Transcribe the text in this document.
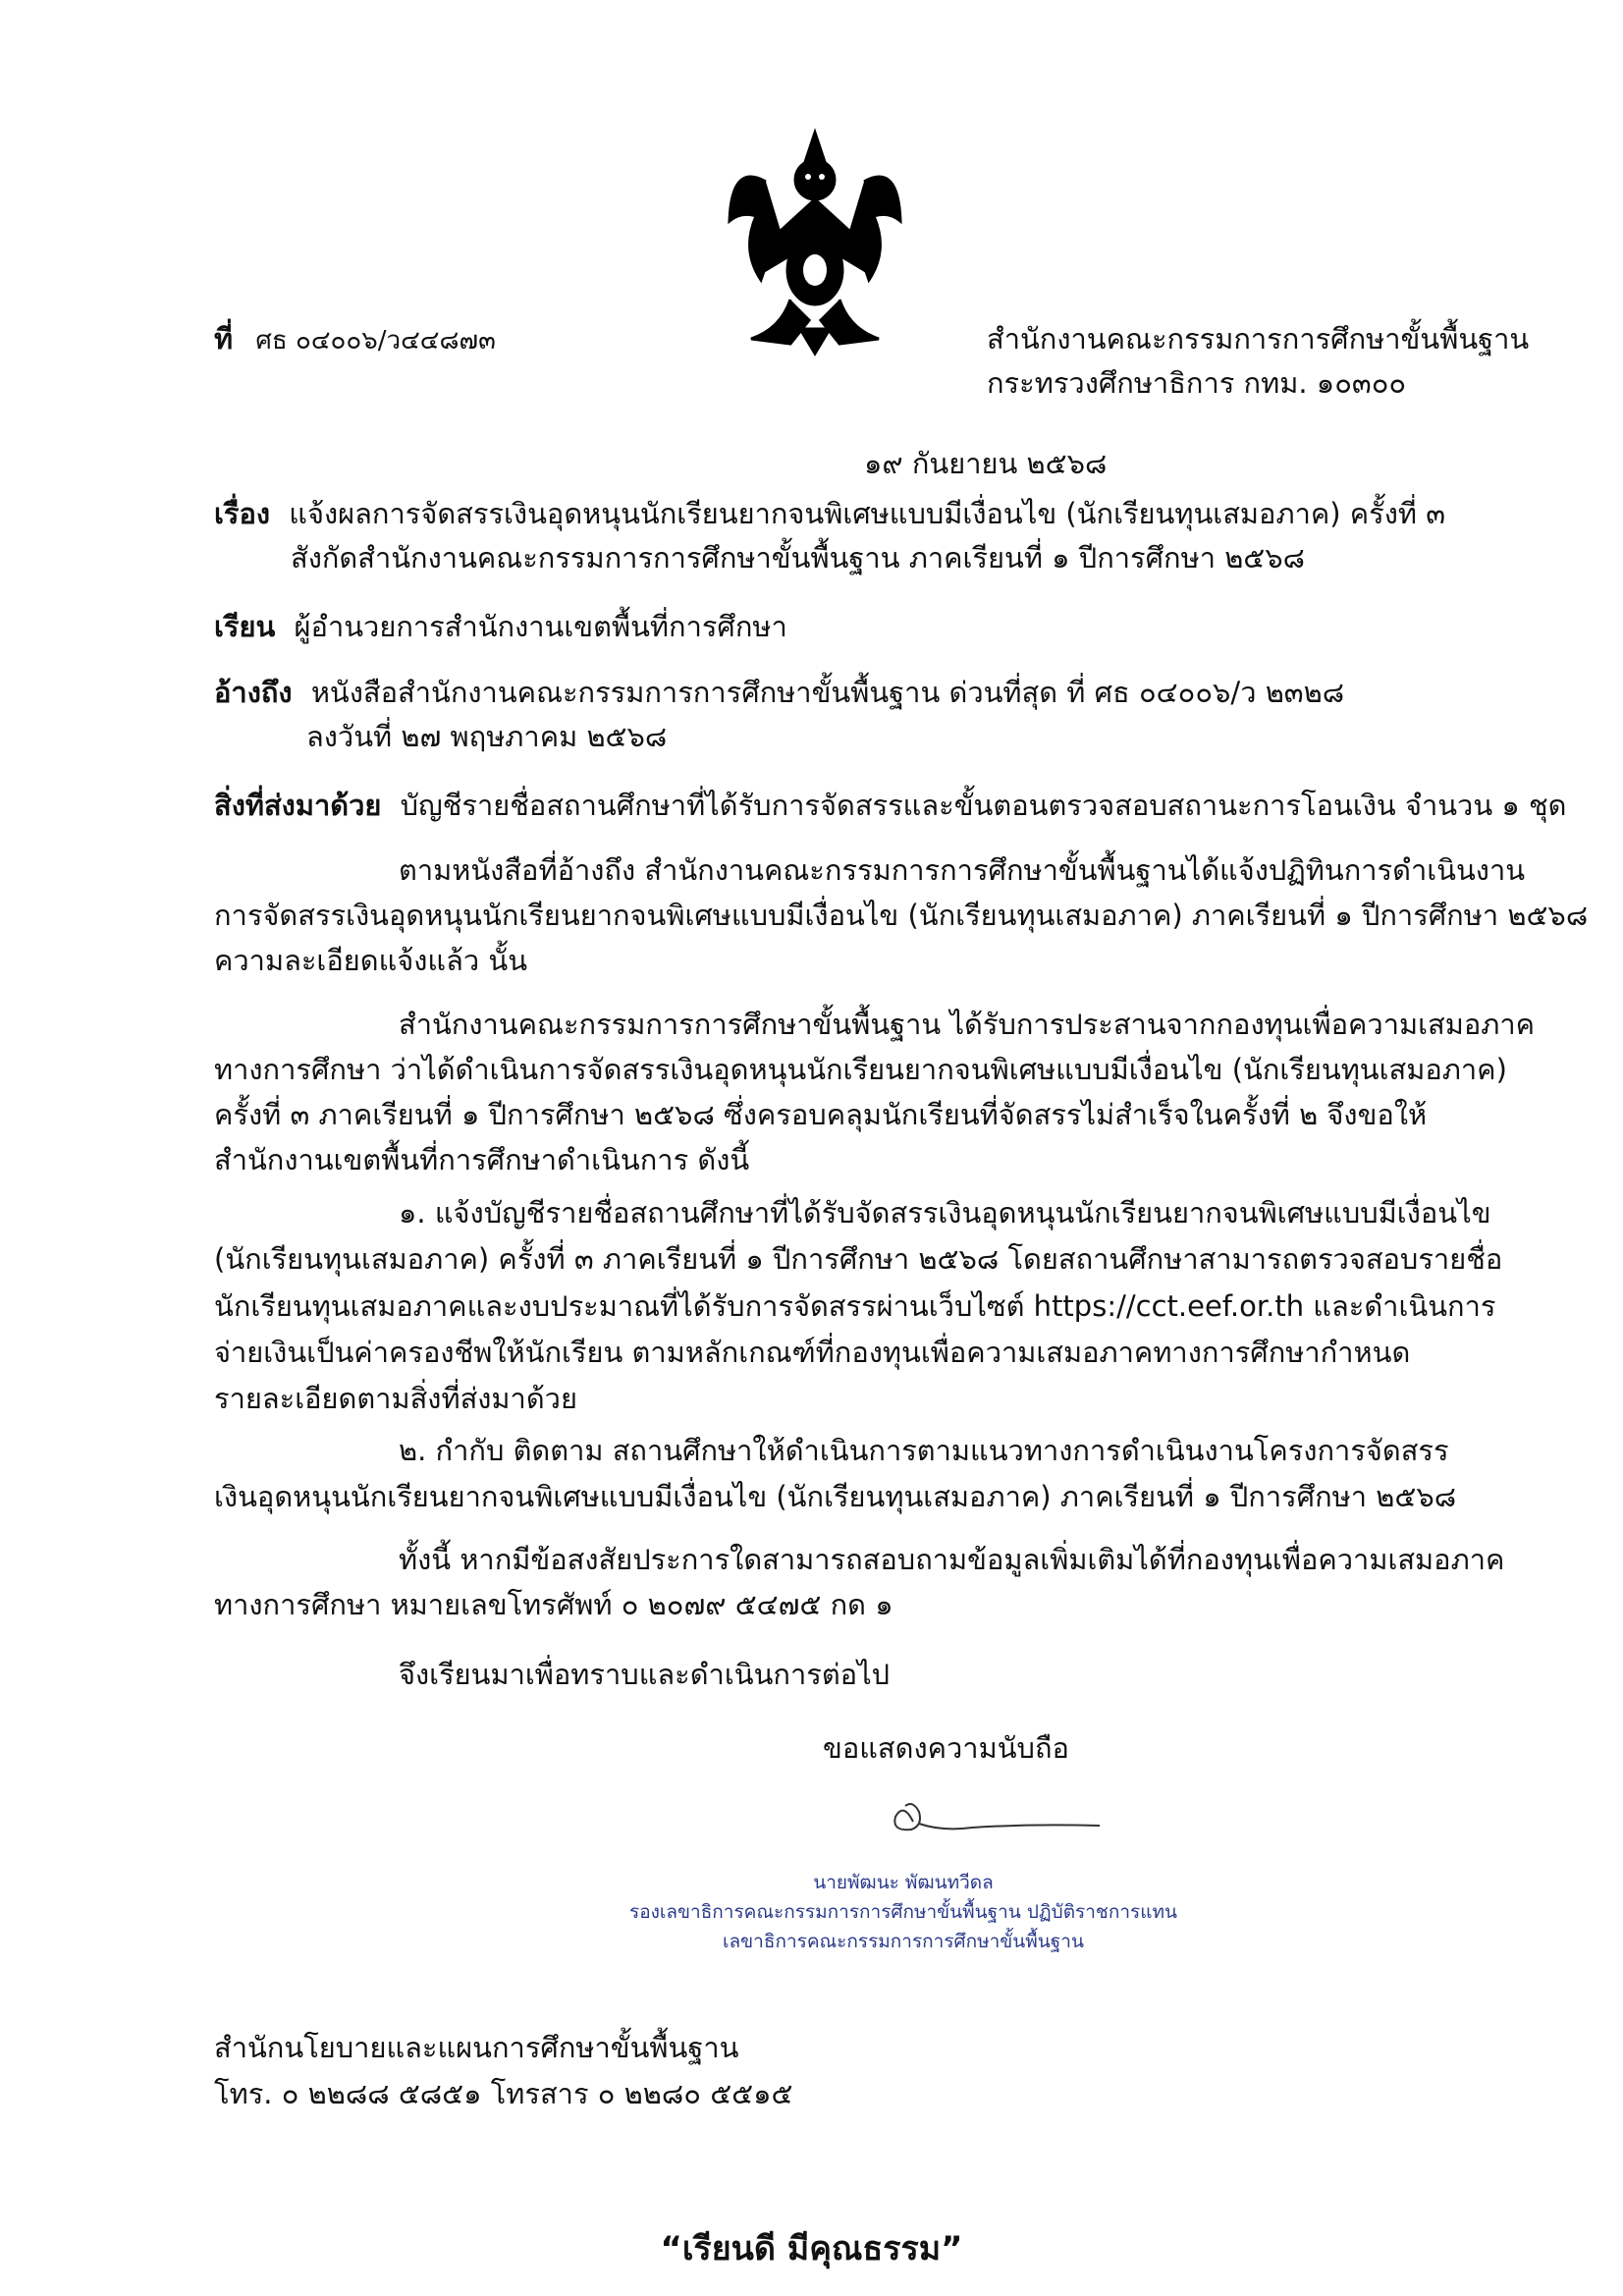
ที่ ศธ ๐๔๐๐๖/ว๔๔๘๗๓	สำนักงานคณะกรรมการการศึกษาขั้นพื้นฐาน
กระทรวงศึกษาธิการ กทม. ๑๐๓๐๐
๑๙ กันยายน ๒๕๖๘
เรื่อง แจ้งผลการจัดสรรเงินอุดหนุนนักเรียนยากจนพิเศษแบบมีเงื่อนไข (นักเรียนทุนเสมอภาค) ครั้งที่ ๓
สังกัดสำนักงานคณะกรรมการการศึกษาขั้นพื้นฐาน ภาคเรียนที่ ๑ ปีการศึกษา ๒๕๖๘
เรียน ผู้อำนวยการสำนักงานเขตพื้นที่การศึกษา
อ้างถึง หนังสือสำนักงานคณะกรรมการการศึกษาขั้นพื้นฐาน ด่วนที่สุด ที่ ศธ ๐๔๐๐๖/ว ๒๓๒๘
ลงวันที่ ๒๗ พฤษภาคม ๒๕๖๘
สิ่งที่ส่งมาด้วย บัญชีรายชื่อสถานศึกษาที่ได้รับการจัดสรรและขั้นตอนตรวจสอบสถานะการโอนเงิน จำนวน ๑ ชุด
ตามหนังสือที่อ้างถึง สำนักงานคณะกรรมการการศึกษาขั้นพื้นฐานได้แจ้งปฏิทินการดำเนินงาน
การจัดสรรเงินอุดหนุนนักเรียนยากจนพิเศษแบบมีเงื่อนไข (นักเรียนทุนเสมอภาค) ภาคเรียนที่ ๑ ปีการศึกษา ๒๕๖๘
ความละเอียดแจ้งแล้ว นั้น
สำนักงานคณะกรรมการการศึกษาขั้นพื้นฐาน ได้รับการประสานจากกองทุนเพื่อความเสมอภาค
ทางการศึกษา ว่าได้ดำเนินการจัดสรรเงินอุดหนุนนักเรียนยากจนพิเศษแบบมีเงื่อนไข (นักเรียนทุนเสมอภาค)
ครั้งที่ ๓ ภาคเรียนที่ ๑ ปีการศึกษา ๒๕๖๘ ซึ่งครอบคลุมนักเรียนที่จัดสรรไม่สำเร็จในครั้งที่ ๒ จึงขอให้
สำนักงานเขตพื้นที่การศึกษาดำเนินการ ดังนี้
๑. แจ้งบัญชีรายชื่อสถานศึกษาที่ได้รับจัดสรรเงินอุดหนุนนักเรียนยากจนพิเศษแบบมีเงื่อนไข
(นักเรียนทุนเสมอภาค) ครั้งที่ ๓ ภาคเรียนที่ ๑ ปีการศึกษา ๒๕๖๘ โดยสถานศึกษาสามารถตรวจสอบรายชื่อ
นักเรียนทุนเสมอภาคและงบประมาณที่ได้รับการจัดสรรผ่านเว็บไซต์ https://cct.eef.or.th และดำเนินการ
จ่ายเงินเป็นค่าครองชีพให้นักเรียน ตามหลักเกณฑ์ที่กองทุนเพื่อความเสมอภาคทางการศึกษากำหนด
รายละเอียดตามสิ่งที่ส่งมาด้วย
๒. กำกับ ติดตาม สถานศึกษาให้ดำเนินการตามแนวทางการดำเนินงานโครงการจัดสรร
เงินอุดหนุนนักเรียนยากจนพิเศษแบบมีเงื่อนไข (นักเรียนทุนเสมอภาค) ภาคเรียนที่ ๑ ปีการศึกษา ๒๕๖๘
ทั้งนี้ หากมีข้อสงสัยประการใดสามารถสอบถามข้อมูลเพิ่มเติมได้ที่กองทุนเพื่อความเสมอภาค
ทางการศึกษา หมายเลขโทรศัพท์ ๐ ๒๐๗๙ ๕๔๗๕ กด ๑
จึงเรียนมาเพื่อทราบและดำเนินการต่อไป
ขอแสดงความนับถือ
นายพัฒนะ พัฒนทวีดล
รองเลขาธิการคณะกรรมการการศึกษาขั้นพื้นฐาน ปฏิบัติราชการแทน
เลขาธิการคณะกรรมการการศึกษาขั้นพื้นฐาน
สำนักนโยบายและแผนการศึกษาขั้นพื้นฐาน
โทร. ๐ ๒๒๘๘ ๕๘๕๑ โทรสาร ๐ ๒๒๘๐ ๕๕๑๕
“เรียนดี มีคุณธรรม”
